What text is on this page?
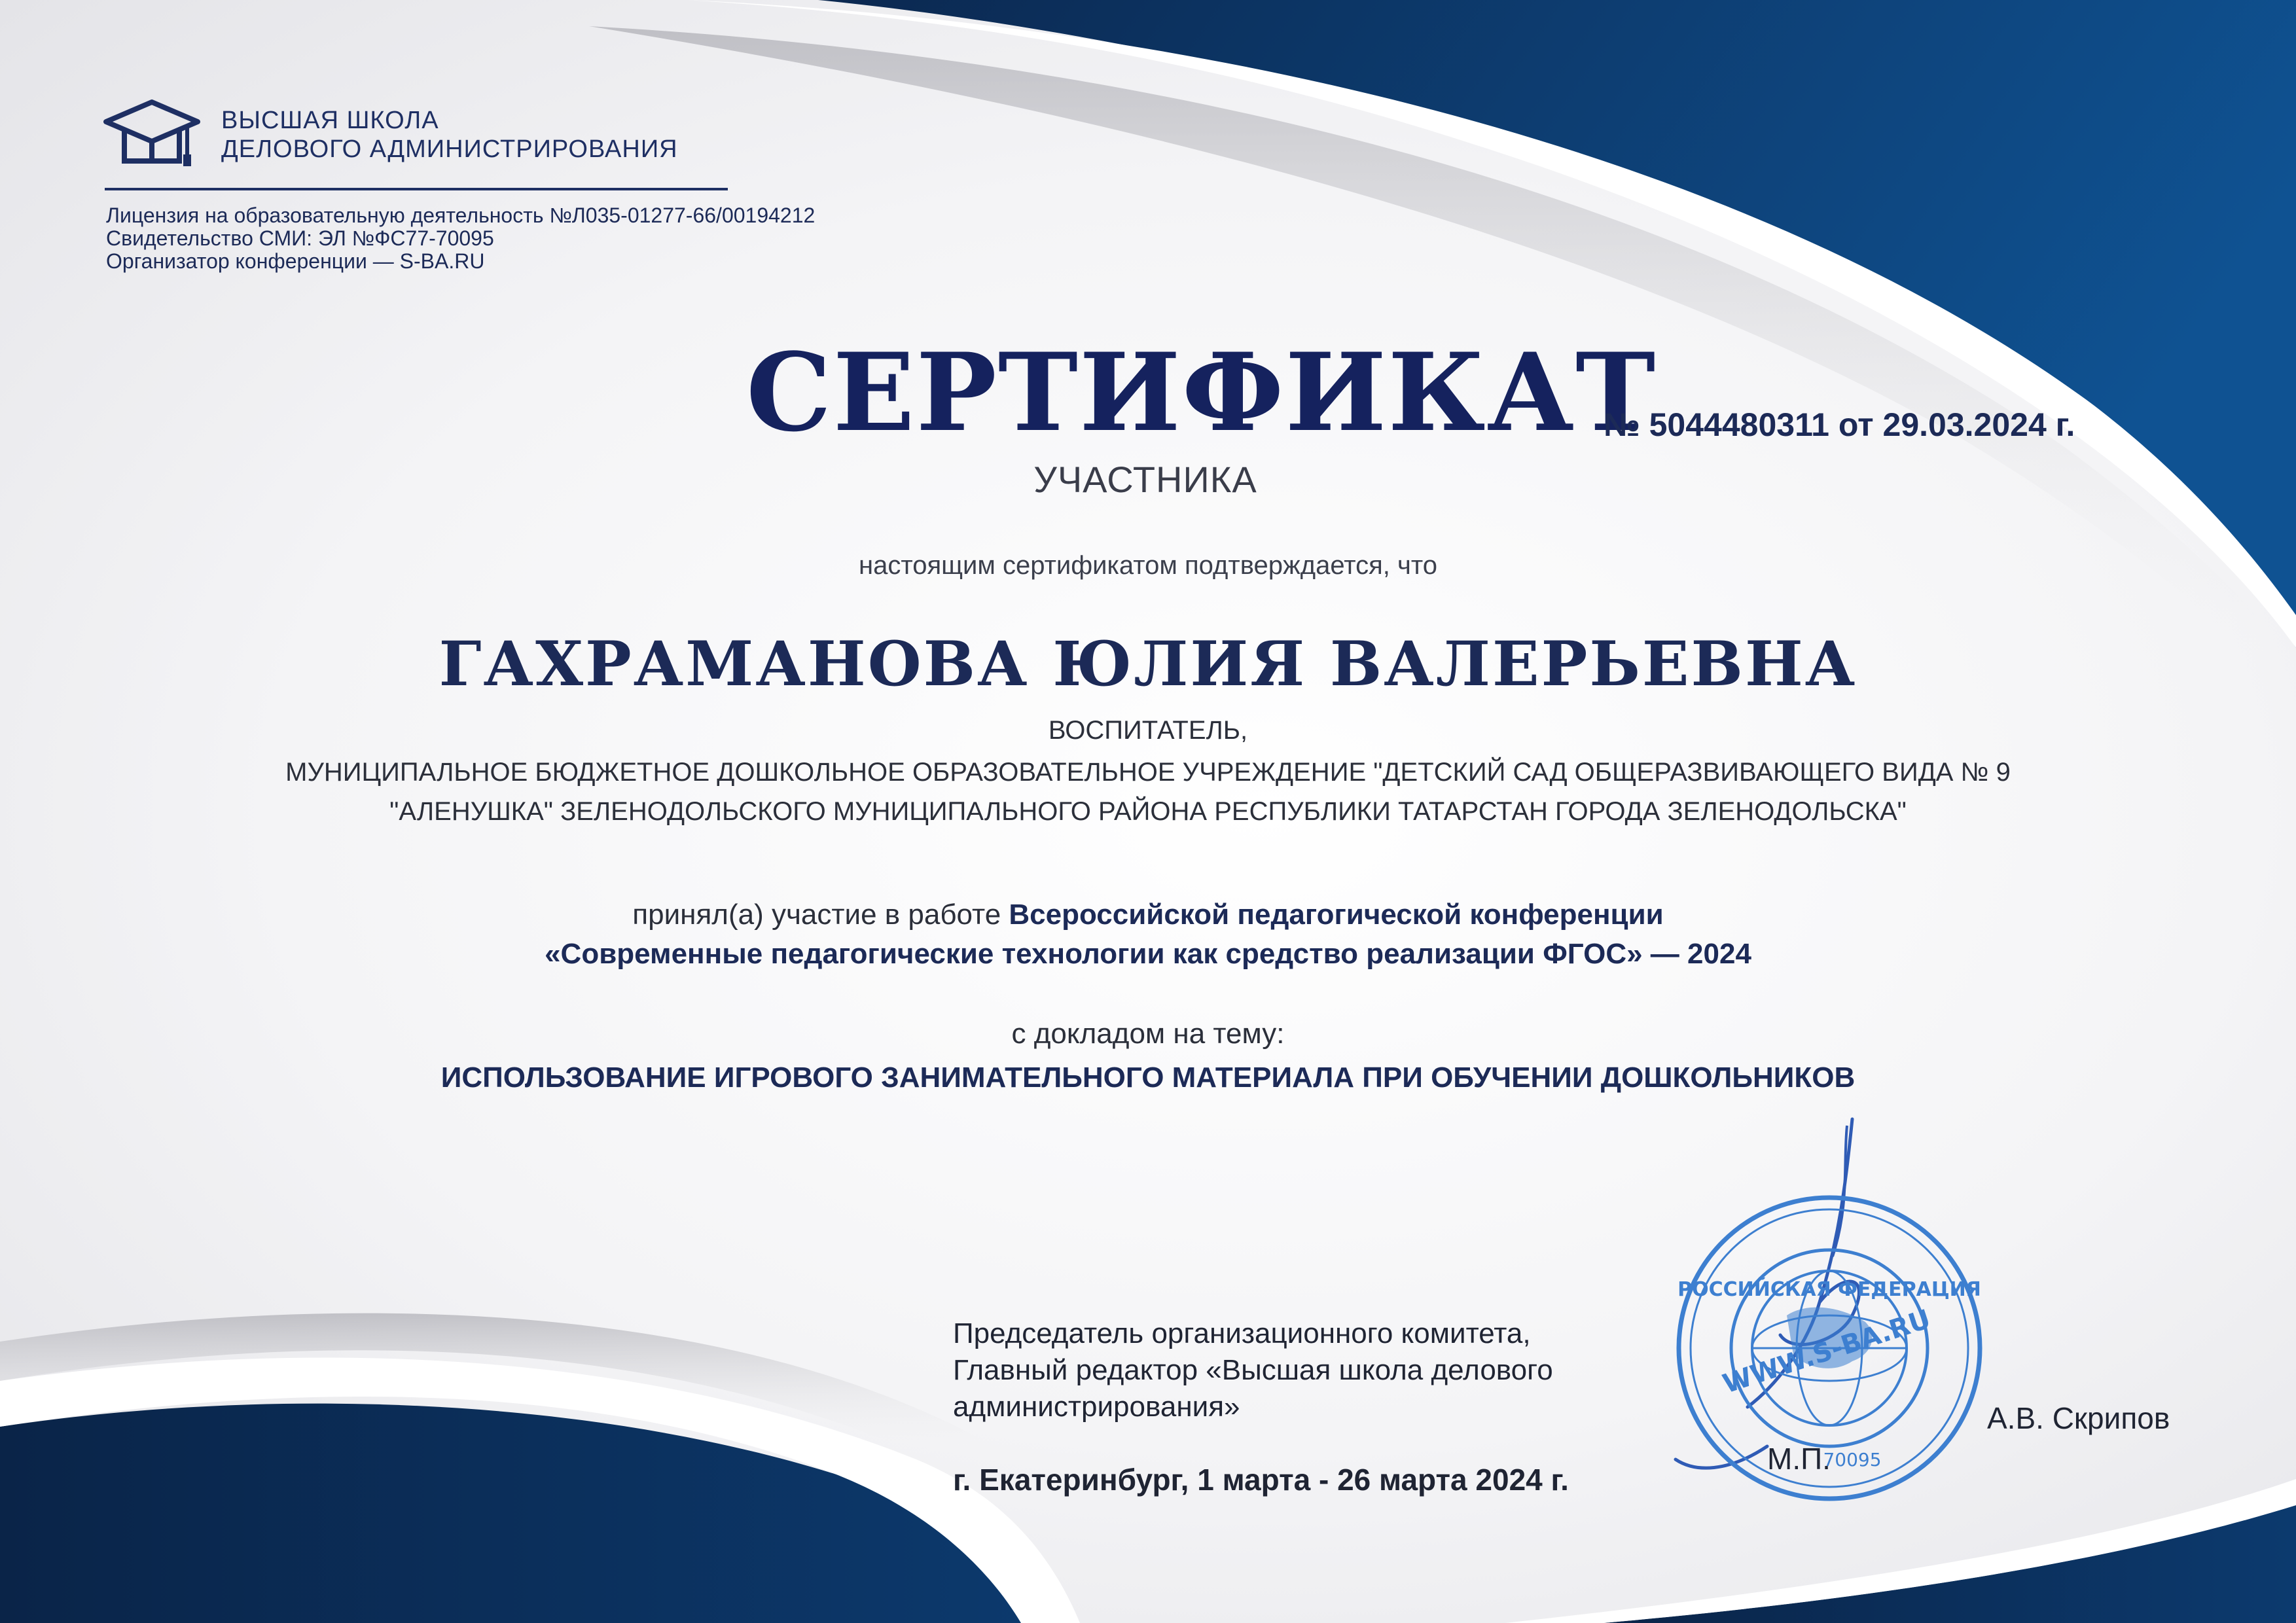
ВЫСШАЯ ШКОЛА
ДЕЛОВОГО АДМИНИСТРИРОВАНИЯ
Лицензия на образовательную деятельность №Л035-01277-66/00194212
Свидетельство СМИ: ЭЛ №ФС77-70095
Организатор конференции — S-BA.RU
СЕРТИФИКАТ
№ 5044480311 от 29.03.2024 г.
УЧАСТНИКА
настоящим сертификатом подтверждается, что
ГАХРАМАНОВА ЮЛИЯ ВАЛЕРЬЕВНА
ВОСПИТАТЕЛЬ,
МУНИЦИПАЛЬНОЕ БЮДЖЕТНОЕ ДОШКОЛЬНОЕ ОБРАЗОВАТЕЛЬНОЕ УЧРЕЖДЕНИЕ "ДЕТСКИЙ САД ОБЩЕРАЗВИВАЮЩЕГО ВИДА № 9
"АЛЕНУШКА" ЗЕЛЕНОДОЛЬСКОГО МУНИЦИПАЛЬНОГО РАЙОНА РЕСПУБЛИКИ ТАТАРСТАН ГОРОДА ЗЕЛЕНОДОЛЬСКА"
принял(а) участие в работе Всероссийской педагогической конференции
«Современные педагогические технологии как средство реализации ФГОС» — 2024
с докладом на тему:
ИСПОЛЬЗОВАНИЕ ИГРОВОГО ЗАНИМАТЕЛЬНОГО МАТЕРИАЛА ПРИ ОБУЧЕНИИ ДОШКОЛЬНИКОВ
Председатель организационного комитета,
Главный редактор «Высшая школа делового
администрирования»
г. Екатеринбург, 1 марта - 26 марта 2024 г.
РОССИЙСКАЯ ФЕДЕРАЦИЯ
WWW.S-BA.RU
70095
М.П.
А.В. Скрипов
